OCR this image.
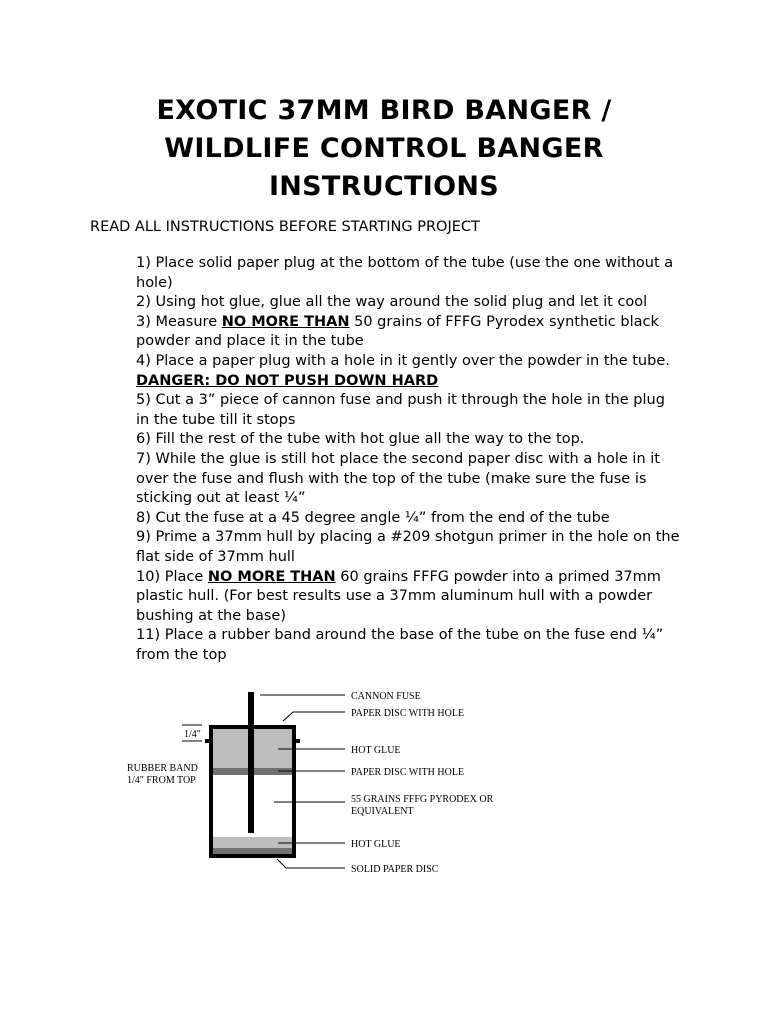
EXOTIC 37MM BIRD BANGER /
WILDLIFE CONTROL BANGER
INSTRUCTIONS
READ ALL INSTRUCTIONS BEFORE STARTING PROJECT

1) Place solid paper plug at the bottom of the tube (use the one without a hole)

2) Using hot glue, glue all the way around the solid plug and let it cool

3) Measure NO MORE THAN 50 grains of FFFG Pyrodex synthetic black powder and place it in the tube

4) Place a paper plug with a hole in it gently over the powder in the tube. DANGER: DO NOT PUSH DOWN HARD

5) Cut a 3” piece of cannon fuse and push it through the hole in the plug in the tube till it stops

6) Fill the rest of the tube with hot glue all the way to the top.

7) While the glue is still hot place the second paper disc with a hole in it over the fuse and flush with the top of the tube (make sure the fuse is sticking out at least ¼”

8) Cut the fuse at a 45 degree angle ¼” from the end of the tube

9) Prime a 37mm hull by placing a #209 shotgun primer in the hole on the flat side of 37mm hull

10) Place NO MORE THAN 60 grains FFFG powder into a primed 37mm plastic hull. (For best results use a 37mm aluminum hull with a powder bushing at the base)

11) Place a rubber band around the base of the tube on the fuse end ¼” from the top

1/4"
RUBBER BAND
1/4" FROM TOP
CANNON FUSE
PAPER DISC WITH HOLE
HOT GLUE
PAPER DISC WITH HOLE
55 GRAINS FFFG PYRODEX OR
EQUIVALENT
HOT GLUE
SOLID PAPER DISC
